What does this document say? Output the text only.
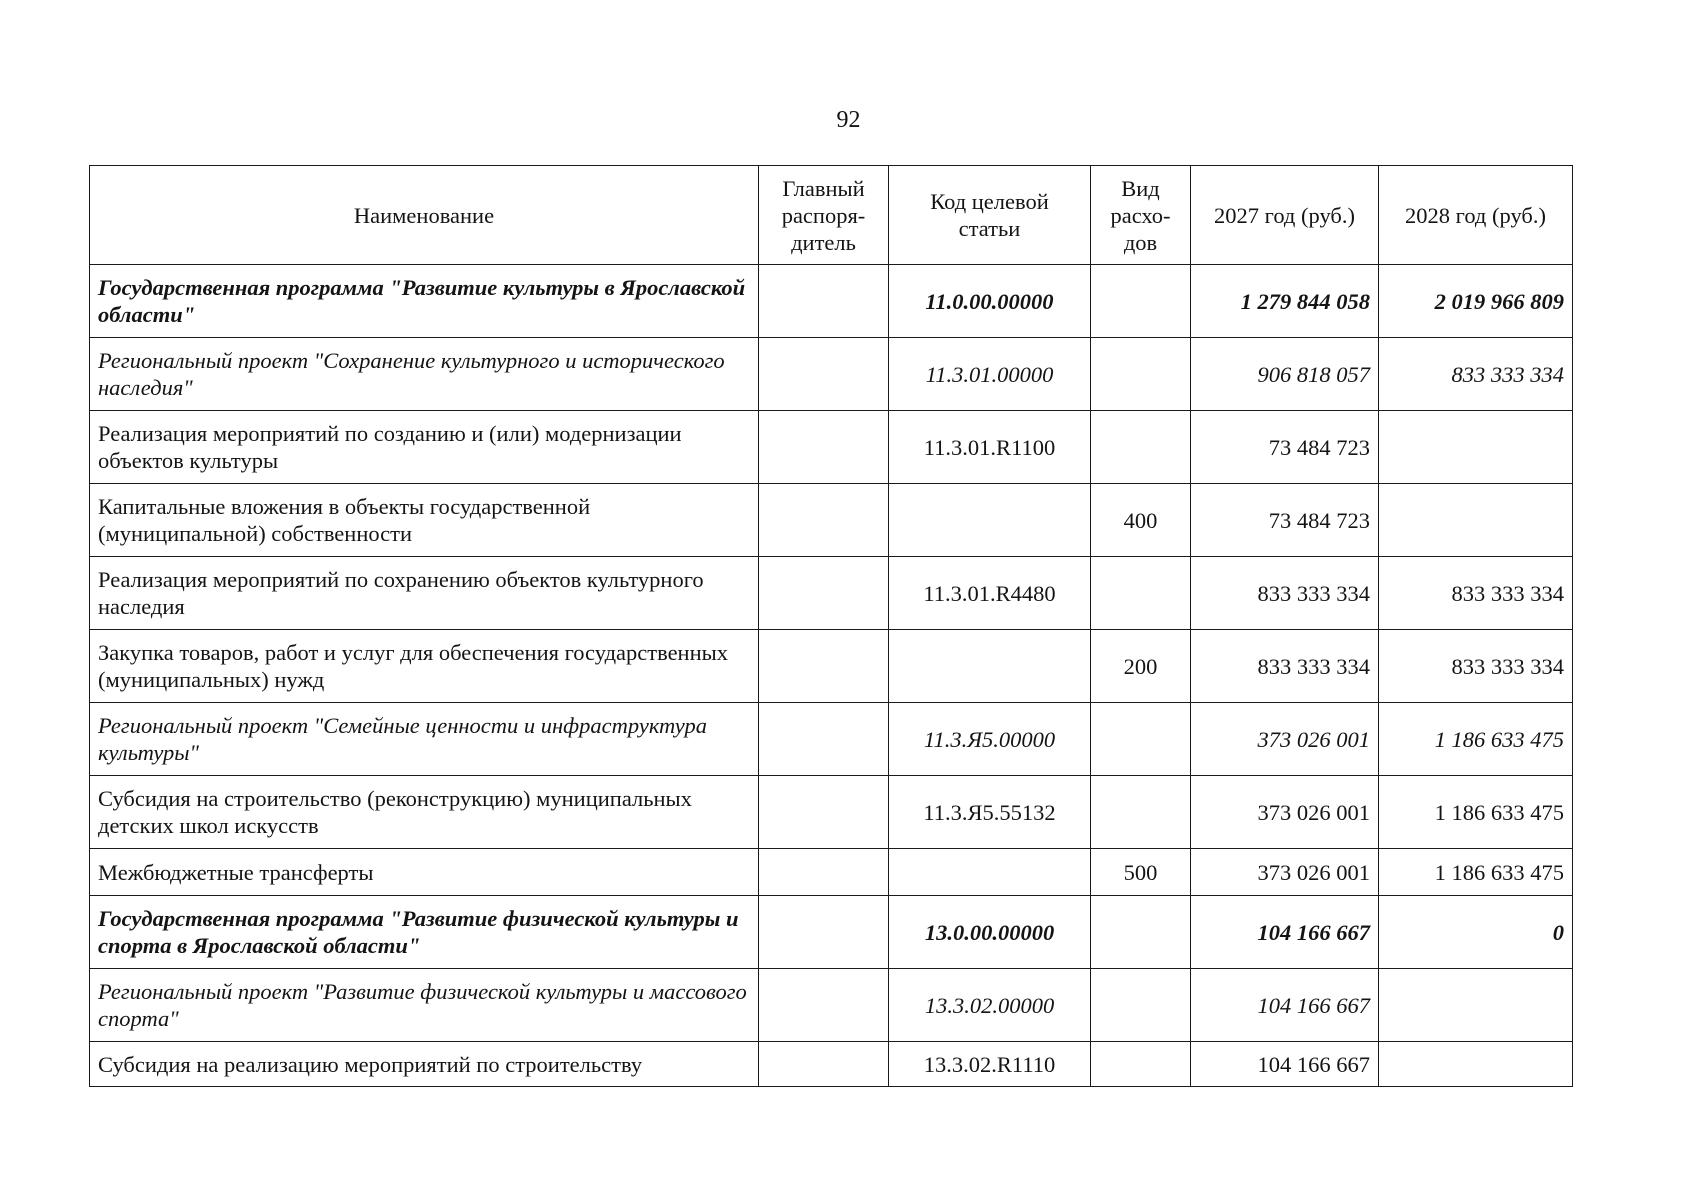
92
Наименование	Главный распоря-дитель	Код целевой статьи	Вид расхо-дов	2027 год (руб.)	2028 год (руб.)
Государственная программа "Развитие культуры в Ярославской области"		11.0.00.00000		1 279 844 058	2 019 966 809
Региональный проект "Сохранение культурного и исторического наследия"		11.3.01.00000		906 818 057	833 333 334
Реализация мероприятий по созданию и (или) модернизации объектов культуры		11.3.01.R1100		73 484 723	
Капитальные вложения в объекты государственной (муниципальной) собственности			400	73 484 723	
Реализация мероприятий по сохранению объектов культурного наследия		11.3.01.R4480		833 333 334	833 333 334
Закупка товаров, работ и услуг для обеспечения государственных (муниципальных) нужд			200	833 333 334	833 333 334
Региональный проект "Семейные ценности и инфраструктура культуры"		11.3.Я5.00000		373 026 001	1 186 633 475
Субсидия на строительство (реконструкцию) муниципальных детских школ искусств		11.3.Я5.55132		373 026 001	1 186 633 475
Межбюджетные трансферты			500	373 026 001	1 186 633 475
Государственная программа "Развитие физической культуры и спорта в Ярославской области"		13.0.00.00000		104 166 667	0
Региональный проект "Развитие физической культуры и массового спорта"		13.3.02.00000		104 166 667	
Субсидия на реализацию мероприятий по строительству		13.3.02.R1110		104 166 667	
